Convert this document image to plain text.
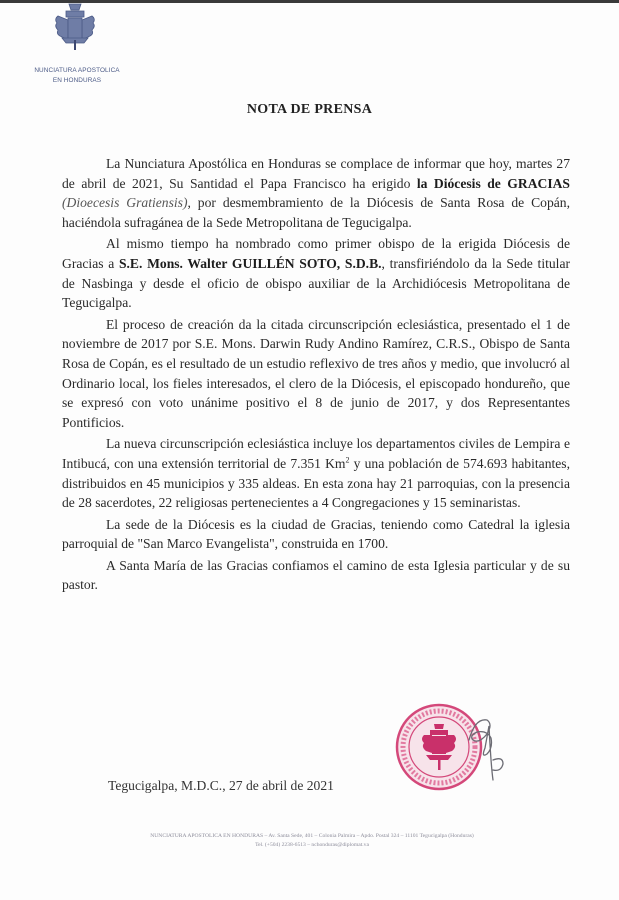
NUNCIATURA APOSTOLICA
EN HONDURAS
NOTA DE PRENSA

La Nunciatura Apostólica en Honduras se complace de informar que hoy, martes 27 de abril de 2021, Su Santidad el Papa Francisco ha erigido la Diócesis de GRACIAS (Dioecesis Gratiensis), por desmembramiento de la Diócesis de Santa Rosa de Copán, haciéndola sufragánea de la Sede Metropolitana de Tegucigalpa.

Al mismo tiempo ha nombrado como primer obispo de la erigida Diócesis de Gracias a S.E. Mons. Walter GUILLÉN SOTO, S.D.B., transfiriéndolo da la Sede titular de Nasbinga y desde el oficio de obispo auxiliar de la Archidiócesis Metropolitana de Tegucigalpa.

El proceso de creación da la citada circunscripción eclesiástica, presentado el 1 de noviembre de 2017 por S.E. Mons. Darwin Rudy Andino Ramírez, C.R.S., Obispo de Santa Rosa de Copán, es el resultado de un estudio reflexivo de tres años y medio, que involucró al Ordinario local, los fieles interesados, el clero de la Diócesis, el episcopado hondureño, que se expresó con voto unánime positivo el 8 de junio de 2017, y dos Representantes Pontificios.

La nueva circunscripción eclesiástica incluye los departamentos civiles de Lempira e Intibucá, con una extensión territorial de 7.351 Km$^2$ y una población de 574.693 habitantes, distribuidos en 45 municipios y 335 aldeas. En esta zona hay 21 parroquias, con la presencia de 28 sacerdotes, 22 religiosas pertenecientes a 4 Congregaciones y 15 seminaristas.

La sede de la Diócesis es la ciudad de Gracias, teniendo como Catedral la iglesia parroquial de "San Marco Evangelista", construida en 1700.

A Santa María de las Gracias confiamos el camino de esta Iglesia particular y de su pastor.

Tegucigalpa, M.D.C., 27 de abril de 2021
NUNCIATURA APOSTOLICA EN HONDURAS – Av. Santa Sede, 401 – Colonia Palmira – Apdo. Postal 324 – 11101 Tegucigalpa (Honduras)
Tel. (+504) 2238-6513 – nchonduras@diplomat.va
